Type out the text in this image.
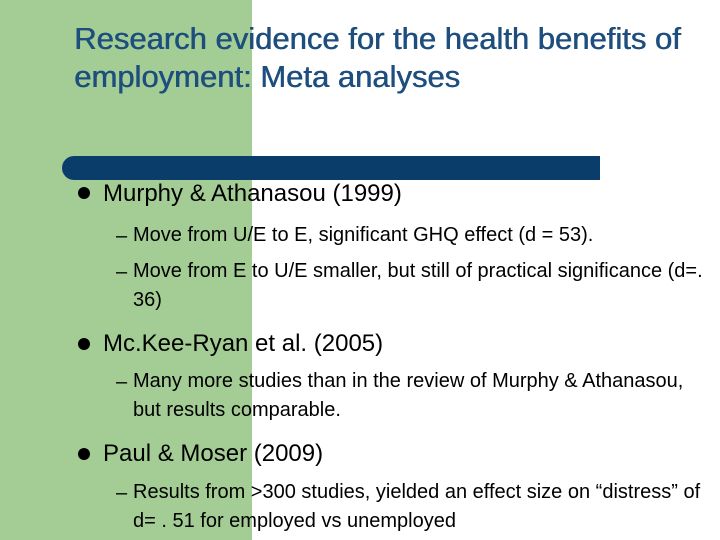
Research evidence for the health benefits of employment: Meta analyses
Murphy & Athanasou (1999)
– Move from U/E to E, significant GHQ effect (d = 53).
– Move from E to U/E smaller, but still of practical significance (d=. 36)
Mc.Kee-Ryan et al. (2005)
– Many more studies than in the review of Murphy & Athanasou, but results comparable.
Paul & Moser (2009)
– Results from >300 studies, yielded an effect size on “distress” of d= . 51 for employed vs unemployed
